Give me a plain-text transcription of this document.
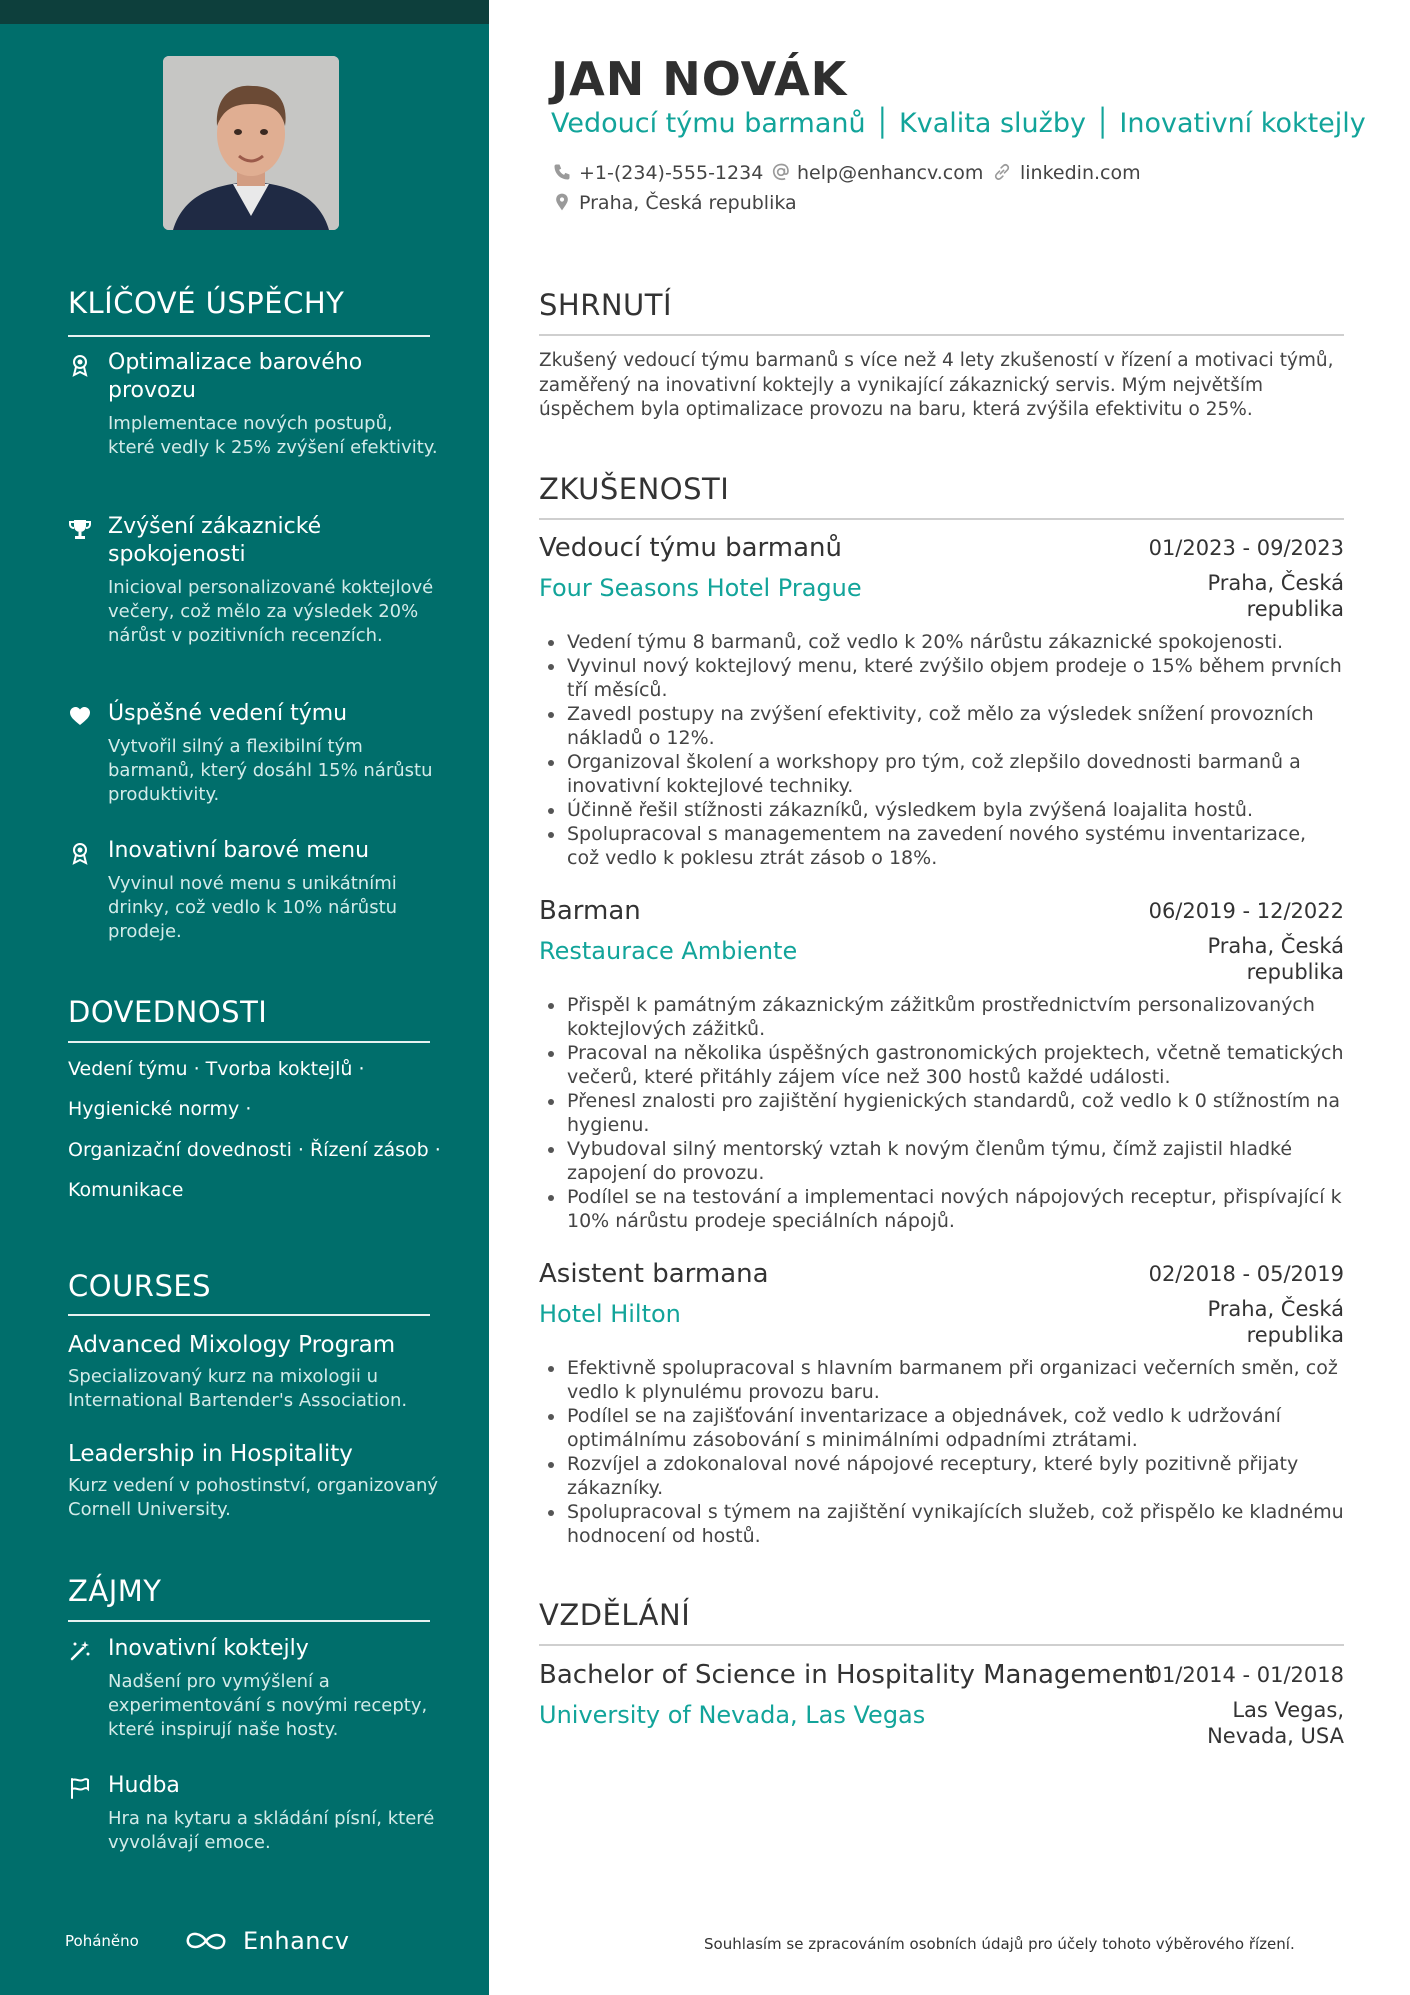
KLÍČOVÉ ÚSPĚCHY
Optimalizace barového provozu
Implementace nových postupů, které vedly k 25% zvýšení efektivity.
Zvýšení zákaznické spokojenosti
Inicioval personalizované koktejlové večery, což mělo za výsledek 20% nárůst v pozitivních recenzích.
Úspěšné vedení týmu
Vytvořil silný a flexibilní tým barmanů, který dosáhl 15% nárůstu produktivity.
Inovativní barové menu
Vyvinul nové menu s unikátními drinky, což vedlo k 10% nárůstu prodeje.
DOVEDNOSTI
Vedení týmu · Tvorba koktejlů ·
Hygienické normy ·
Organizační dovednosti · Řízení zásob ·
Komunikace
COURSES
Advanced Mixology Program
Specializovaný kurz na mixologii u International Bartender's Association.
Leadership in Hospitality
Kurz vedení v pohostinství, organizovaný Cornell University.
ZÁJMY
Inovativní koktejly
Nadšení pro vymýšlení a experimentování s novými recepty, které inspirují naše hosty.
Hudba
Hra na kytaru a skládání písní, které vyvolávají emoce.
Poháněno	Enhancv
JAN NOVÁK
Vedoucí týmu barmanů │ Kvalita služby │ Inovativní koktejly
+1-(234)-555-1234 help@enhancv.com linkedin.com
Praha, Česká republika
SHRNUTÍ
Zkušený vedoucí týmu barmanů s více než 4 lety zkušeností v řízení a motivaci týmů, zaměřený na inovativní koktejly a vynikající zákaznický servis. Mým největším úspěchem byla optimalizace provozu na baru, která zvýšila efektivitu o 25%.
ZKUŠENOSTI
Vedoucí týmu barmanů	01/2023 - 09/2023
Four Seasons Hotel Prague	Praha, Česká republika
Vedení týmu 8 barmanů, což vedlo k 20% nárůstu zákaznické spokojenosti.
Vyvinul nový koktejlový menu, které zvýšilo objem prodeje o 15% během prvních tří měsíců.
Zavedl postupy na zvýšení efektivity, což mělo za výsledek snížení provozních nákladů o 12%.
Organizoval školení a workshopy pro tým, což zlepšilo dovednosti barmanů a inovativní koktejlové techniky.
Účinně řešil stížnosti zákazníků, výsledkem byla zvýšená loajalita hostů.
Spolupracoval s managementem na zavedení nového systému inventarizace, což vedlo k poklesu ztrát zásob o 18%.
Barman	06/2019 - 12/2022
Restaurace Ambiente	Praha, Česká republika
Přispěl k památným zákaznickým zážitkům prostřednictvím personalizovaných koktejlových zážitků.
Pracoval na několika úspěšných gastronomických projektech, včetně tematických večerů, které přitáhly zájem více než 300 hostů každé události.
Přenesl znalosti pro zajištění hygienických standardů, což vedlo k 0 stížnostím na hygienu.
Vybudoval silný mentorský vztah k novým členům týmu, čímž zajistil hladké zapojení do provozu.
Podílel se na testování a implementaci nových nápojových receptur, přispívající k 10% nárůstu prodeje speciálních nápojů.
Asistent barmana	02/2018 - 05/2019
Hotel Hilton	Praha, Česká republika
Efektivně spolupracoval s hlavním barmanem při organizaci večerních směn, což vedlo k plynulému provozu baru.
Podílel se na zajišťování inventarizace a objednávek, což vedlo k udržování optimálnímu zásobování s minimálními odpadními ztrátami.
Rozvíjel a zdokonaloval nové nápojové receptury, které byly pozitivně přijaty zákazníky.
Spolupracoval s týmem na zajištění vynikajících služeb, což přispělo ke kladnému hodnocení od hostů.
VZDĚLÁNÍ
Bachelor of Science in Hospitality Management
01/2014 - 01/2018
University of Nevada, Las Vegas	Las Vegas, Nevada, USA
Souhlasím se zpracováním osobních údajů pro účely tohoto výběrového řízení.
